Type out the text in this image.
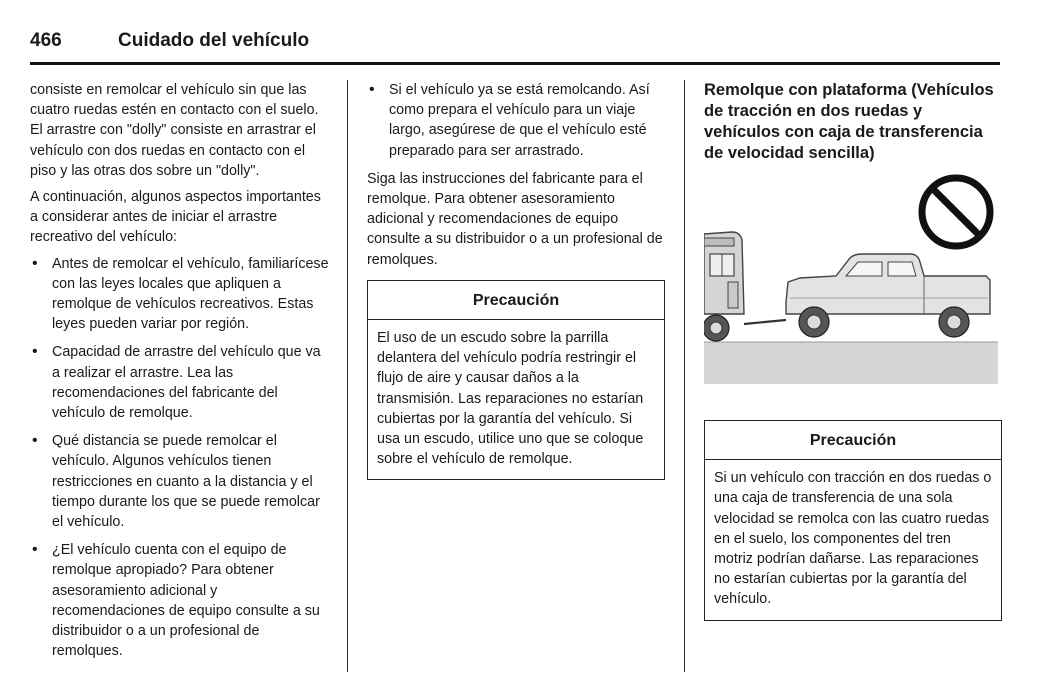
466	Cuidado del vehículo

consiste en remolcar el vehículo sin que las cuatro ruedas estén en contacto con el suelo. El arrastre con "dolly" consiste en arrastrar el vehículo con dos ruedas en contacto con el piso y las otras dos sobre un "dolly".

A continuación, algunos aspectos importantes a considerar antes de iniciar el arrastre recreativo del vehículo:

• Antes de remolcar el vehículo, familiarícese con las leyes locales que apliquen a remolque de vehículos recreativos. Estas leyes pueden variar por región.
• Capacidad de arrastre del vehículo que va a realizar el arrastre. Lea las recomendaciones del fabricante del vehículo de remolque.
• Qué distancia se puede remolcar el vehículo. Algunos vehículos tienen restricciones en cuanto a la distancia y el tiempo durante los que se puede remolcar el vehículo.
• ¿El vehículo cuenta con el equipo de remolque apropiado? Para obtener asesoramiento adicional y recomendaciones de equipo consulte a su distribuidor o a un profesional de remolques.
• Si el vehículo ya se está remolcando. Así como prepara el vehículo para un viaje largo, asegúrese de que el vehículo esté preparado para ser arrastrado.

Siga las instrucciones del fabricante para el remolque. Para obtener asesoramiento adicional y recomendaciones de equipo consulte a su distribuidor o a un profesional de remolques.

Precaución
El uso de un escudo sobre la parrilla delantera del vehículo podría restringir el flujo de aire y causar daños a la transmisión. Las reparaciones no estarían cubiertas por la garantía del vehículo. Si usa un escudo, utilice uno que se coloque sobre el vehículo de remolque.
Remolque con plataforma (Vehículos de tracción en dos ruedas y vehículos con caja de transferencia de velocidad sencilla)
Precaución
Si un vehículo con tracción en dos ruedas o una caja de transferencia de una sola velocidad se remolca con las cuatro ruedas en el suelo, los componentes del tren motriz podrían dañarse. Las reparaciones no estarían cubiertas por la garantía del vehículo.
